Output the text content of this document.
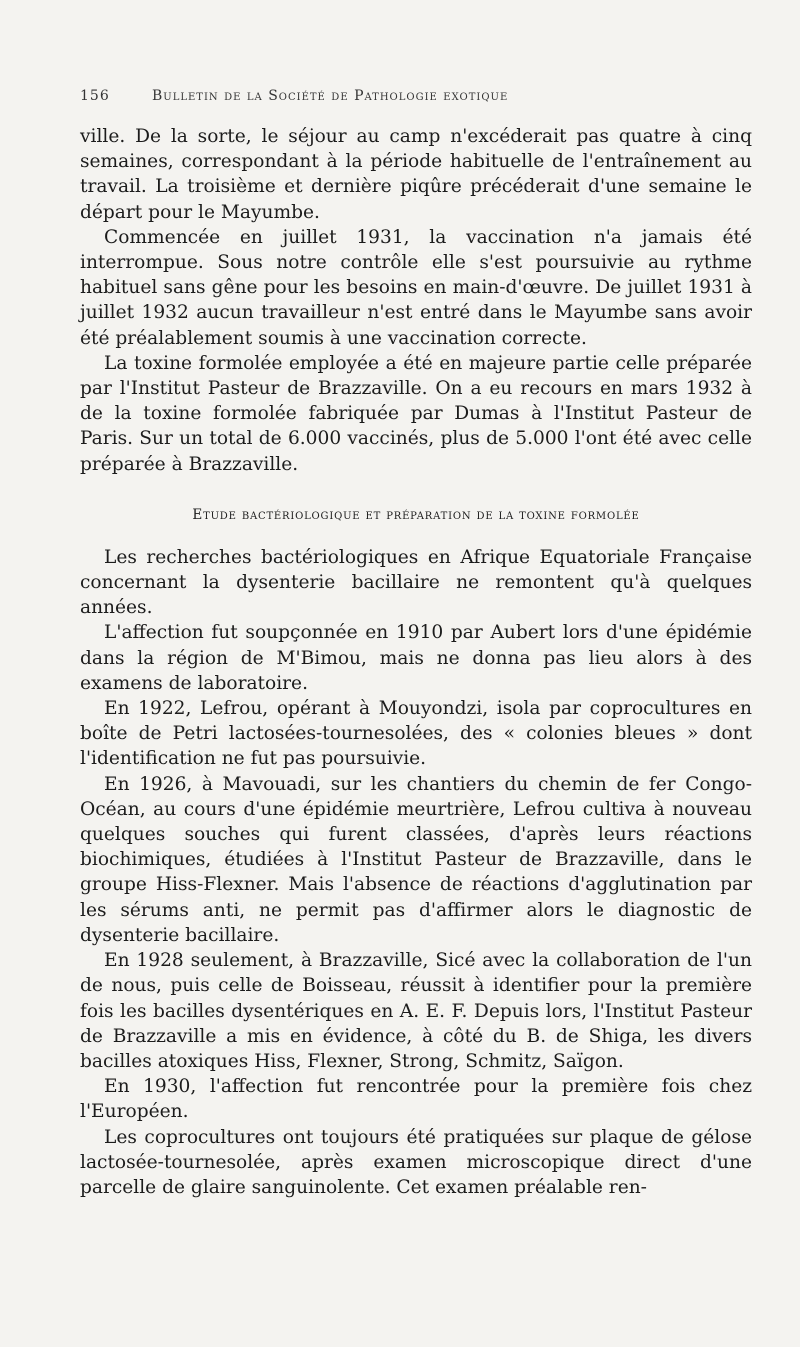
156	Bulletin de la Société de Pathologie exotique

ville. De la sorte, le séjour au camp n'excéderait pas quatre à cinq semaines, correspondant à la période habituelle de l'entraînement au travail. La troisième et dernière piqûre précéderait d'une semaine le départ pour le Mayumbe.

Commencée en juillet 1931, la vaccination n'a jamais été interrompue. Sous notre contrôle elle s'est poursuivie au rythme habituel sans gêne pour les besoins en main-d'œuvre. De juillet 1931 à juillet 1932 aucun travailleur n'est entré dans le Mayumbe sans avoir été préalablement soumis à une vaccination correcte.

La toxine formolée employée a été en majeure partie celle préparée par l'Institut Pasteur de Brazzaville. On a eu recours en mars 1932 à de la toxine formolée fabriquée par Dumas à l'Institut Pasteur de Paris. Sur un total de 6.000 vaccinés, plus de 5.000 l'ont été avec celle préparée à Brazzaville.

Etude bactériologique et préparation de la toxine formolée

Les recherches bactériologiques en Afrique Equatoriale Française concernant la dysenterie bacillaire ne remontent qu'à quelques années.

L'affection fut soupçonnée en 1910 par Aubert lors d'une épidémie dans la région de M'Bimou, mais ne donna pas lieu alors à des examens de laboratoire.

En 1922, Lefrou, opérant à Mouyondzi, isola par coprocultures en boîte de Petri lactosées-tournesolées, des « colonies bleues » dont l'identification ne fut pas poursuivie.

En 1926, à Mavouadi, sur les chantiers du chemin de fer Congo-Océan, au cours d'une épidémie meurtrière, Lefrou cultiva à nouveau quelques souches qui furent classées, d'après leurs réactions biochimiques, étudiées à l'Institut Pasteur de Brazzaville, dans le groupe Hiss-Flexner. Mais l'absence de réactions d'agglutination par les sérums anti, ne permit pas d'affirmer alors le diagnostic de dysenterie bacillaire.

En 1928 seulement, à Brazzaville, Sicé avec la collaboration de l'un de nous, puis celle de Boisseau, réussit à identifier pour la première fois les bacilles dysentériques en A. E. F. Depuis lors, l'Institut Pasteur de Brazzaville a mis en évidence, à côté du B. de Shiga, les divers bacilles atoxiques Hiss, Flexner, Strong, Schmitz, Saïgon.

En 1930, l'affection fut rencontrée pour la première fois chez l'Européen.

Les coprocultures ont toujours été pratiquées sur plaque de gélose lactosée-tournesolée, après examen microscopique direct d'une parcelle de glaire sanguinolente. Cet examen préalable ren-
